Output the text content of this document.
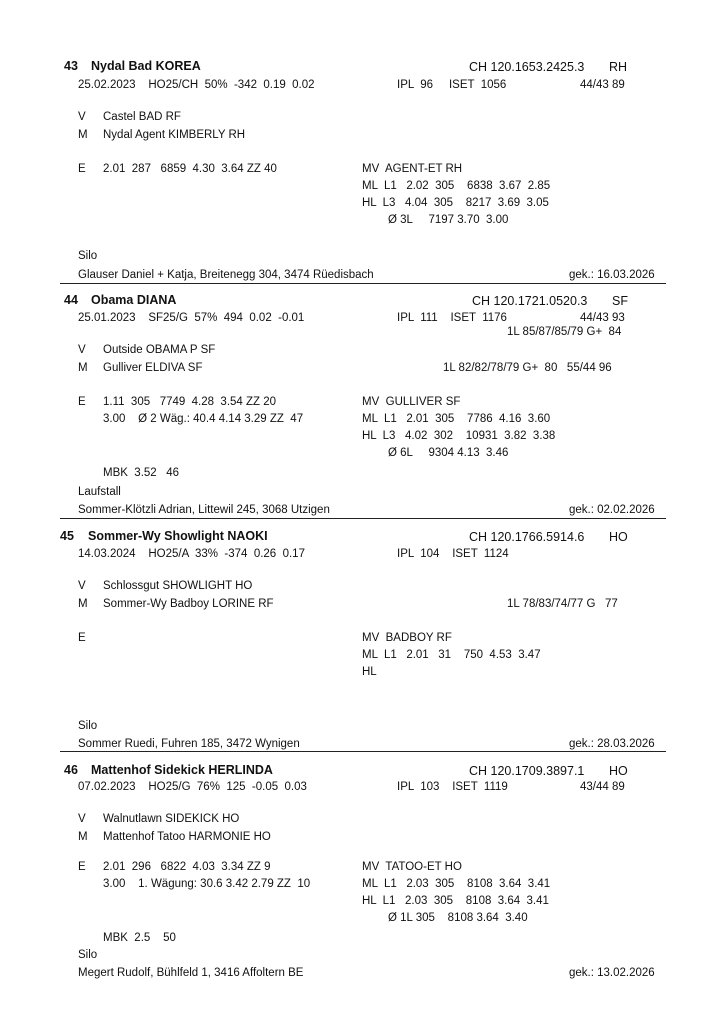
43 Nydal Bad KOREA	CH 120.1653.2425.3 RH
25.02.2023    HO25/CH  50%  -342  0.19  0.02	IPL  96     ISET  1056	44/43 89
V Castel BAD RF
M Nydal Agent KIMBERLY RH
E 2.01  287   6859  4.30  3.64 ZZ 40	MV  AGENT-ET RH
ML  L1   2.02  305    6838  3.67  2.85
HL  L3   4.04  305    8217  3.69  3.05
Ø 3L     7197 3.70  3.00
Silo
Glauser Daniel + Katja, Breitenegg 304, 3474 Rüedisbach	gek.: 16.03.2026
44 Obama DIANA	CH 120.1721.0520.3 SF
25.01.2023    SF25/G  57%  494  0.02  -0.01	IPL  111    ISET  1176	44/43 93
1L 85/87/85/79 G+  84
V Outside OBAMA P SF
M Gulliver ELDIVA SF	1L 82/82/78/79 G+  80   55/44 96
E 1.11  305   7749  4.28  3.54 ZZ 20
3.00    Ø 2 Wäg.: 40.4 4.14 3.29 ZZ  47
MV  GULLIVER SF
ML  L1   2.01  305    7786  4.16  3.60
HL  L3   4.02  302    10931  3.82  3.38
Ø 6L     9304 4.13  3.46
MBK  3.52   46
Laufstall
Sommer-Klötzli Adrian, Littewil 245, 3068 Utzigen	gek.: 02.02.2026
45 Sommer-Wy Showlight NAOKI	CH 120.1766.5914.6 HO
14.03.2024    HO25/A  33%  -374  0.26  0.17	IPL  104    ISET  1124
V Schlossgut SHOWLIGHT HO
M Sommer-Wy Badboy LORINE RF	1L 78/83/74/77 G   77
E	MV  BADBOY RF
ML  L1   2.01   31    750  4.53  3.47
HL
Silo
Sommer Ruedi, Fuhren 185, 3472 Wynigen	gek.: 28.03.2026
46 Mattenhof Sidekick HERLINDA	CH 120.1709.3897.1 HO
07.02.2023    HO25/G  76%  125  -0.05  0.03	IPL  103    ISET  1119	43/44 89
V Walnutlawn SIDEKICK HO
M Mattenhof Tatoo HARMONIE HO
E 2.01  296   6822  4.03  3.34 ZZ 9
3.00    1. Wägung: 30.6 3.42 2.79 ZZ  10
MV  TATOO-ET HO
ML  L1   2.03  305    8108  3.64  3.41
HL  L1   2.03  305    8108  3.64  3.41
Ø 1L 305    8108 3.64  3.40
MBK  2.5    50
Silo
Megert Rudolf, Bühlfeld 1, 3416 Affoltern BE	gek.: 13.02.2026
